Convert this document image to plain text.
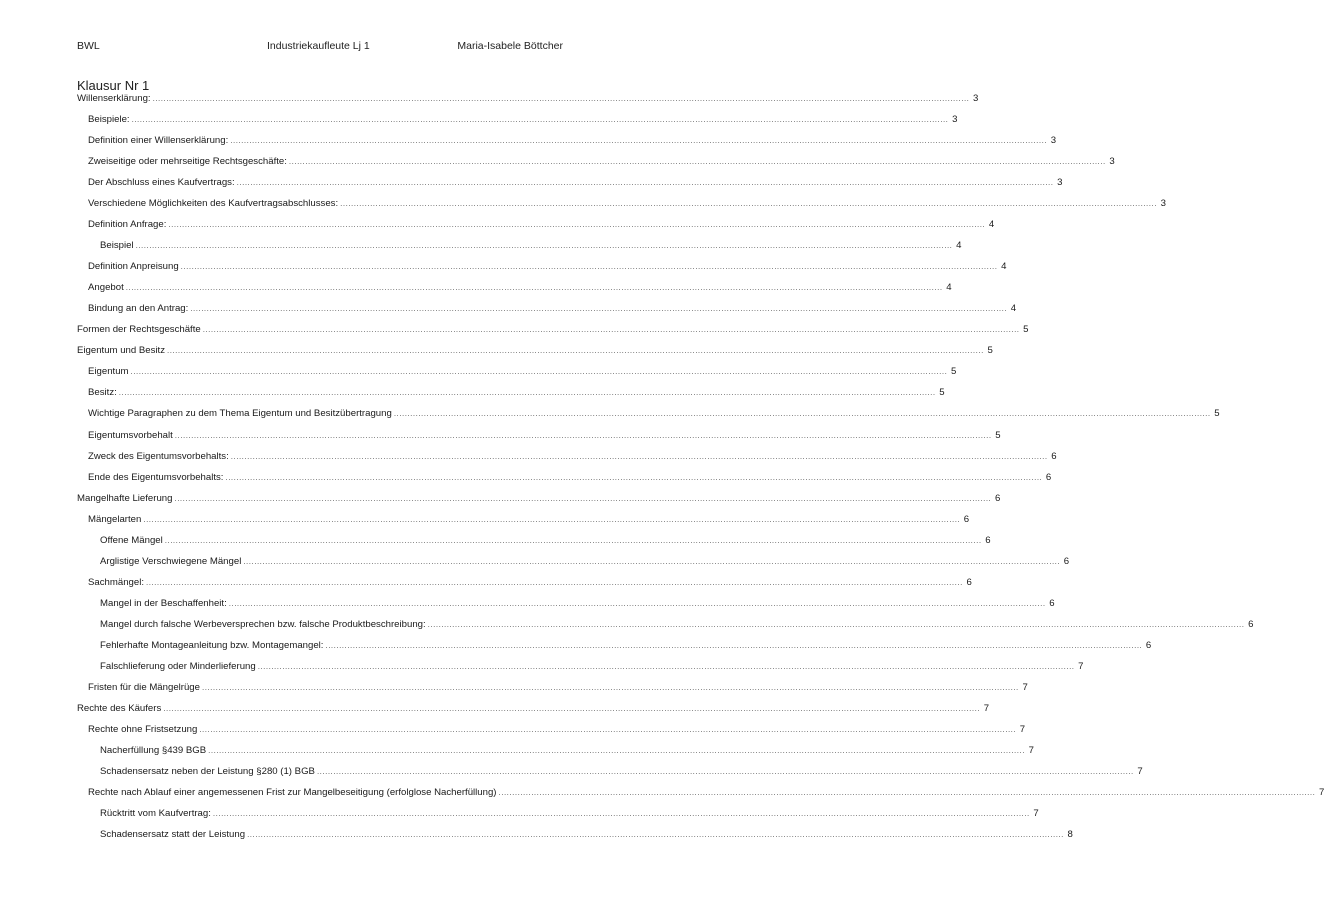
BWL	Industriekaufleute Lj 1	Maria-Isabele Böttcher
Klausur Nr 1
Willenserklärung: ............................................................................................................................................................................................................................................................................................................ 3
Beispiele: ............................................................................................................................................................................................................................................................................................................ 3
Definition einer Willenserklärung: ............................................................................................................................................................................................................................................................................................................ 3
Zweiseitige oder mehrseitige Rechtsgeschäfte: ............................................................................................................................................................................................................................................................................................................ 3
Der Abschluss eines Kaufvertrags: ............................................................................................................................................................................................................................................................................................................ 3
Verschiedene Möglichkeiten des Kaufvertragsabschlusses: ............................................................................................................................................................................................................................................................................................................ 3
Definition Anfrage: ............................................................................................................................................................................................................................................................................................................ 4
Beispiel ............................................................................................................................................................................................................................................................................................................ 4
Definition Anpreisung ............................................................................................................................................................................................................................................................................................................ 4
Angebot ............................................................................................................................................................................................................................................................................................................ 4
Bindung an den Antrag: ............................................................................................................................................................................................................................................................................................................ 4
Formen der Rechtsgeschäfte ............................................................................................................................................................................................................................................................................................................ 5
Eigentum und Besitz ............................................................................................................................................................................................................................................................................................................ 5
Eigentum ............................................................................................................................................................................................................................................................................................................ 5
Besitz: ............................................................................................................................................................................................................................................................................................................ 5
Wichtige Paragraphen zu dem Thema Eigentum und Besitzübertragung ............................................................................................................................................................................................................................................................................................................ 5
Eigentumsvorbehalt ............................................................................................................................................................................................................................................................................................................ 5
Zweck des Eigentumsvorbehalts: ............................................................................................................................................................................................................................................................................................................ 6
Ende des Eigentumsvorbehalts: ............................................................................................................................................................................................................................................................................................................ 6
Mangelhafte Lieferung ............................................................................................................................................................................................................................................................................................................ 6
Mängelarten ............................................................................................................................................................................................................................................................................................................ 6
Offene Mängel ............................................................................................................................................................................................................................................................................................................ 6
Arglistige Verschwiegene Mängel ............................................................................................................................................................................................................................................................................................................ 6
Sachmängel: ............................................................................................................................................................................................................................................................................................................ 6
Mangel in der Beschaffenheit: ............................................................................................................................................................................................................................................................................................................ 6
Mangel durch falsche Werbeversprechen bzw. falsche Produktbeschreibung: ............................................................................................................................................................................................................................................................................................................ 6
Fehlerhafte Montageanleitung bzw. Montagemangel: ............................................................................................................................................................................................................................................................................................................ 6
Falschlieferung oder Minderlieferung ............................................................................................................................................................................................................................................................................................................ 7
Fristen für die Mängelrüge ............................................................................................................................................................................................................................................................................................................ 7
Rechte des Käufers ............................................................................................................................................................................................................................................................................................................ 7
Rechte ohne Fristsetzung ............................................................................................................................................................................................................................................................................................................ 7
Nacherfüllung §439 BGB ............................................................................................................................................................................................................................................................................................................ 7
Schadensersatz neben der Leistung §280 (1) BGB ............................................................................................................................................................................................................................................................................................................ 7
Rechte nach Ablauf einer angemessenen Frist zur Mangelbeseitigung (erfolglose Nacherfüllung) ............................................................................................................................................................................................................................................................................................................ 7
Rücktritt vom Kaufvertrag: ............................................................................................................................................................................................................................................................................................................ 7
Schadensersatz statt der Leistung ............................................................................................................................................................................................................................................................................................................ 8
